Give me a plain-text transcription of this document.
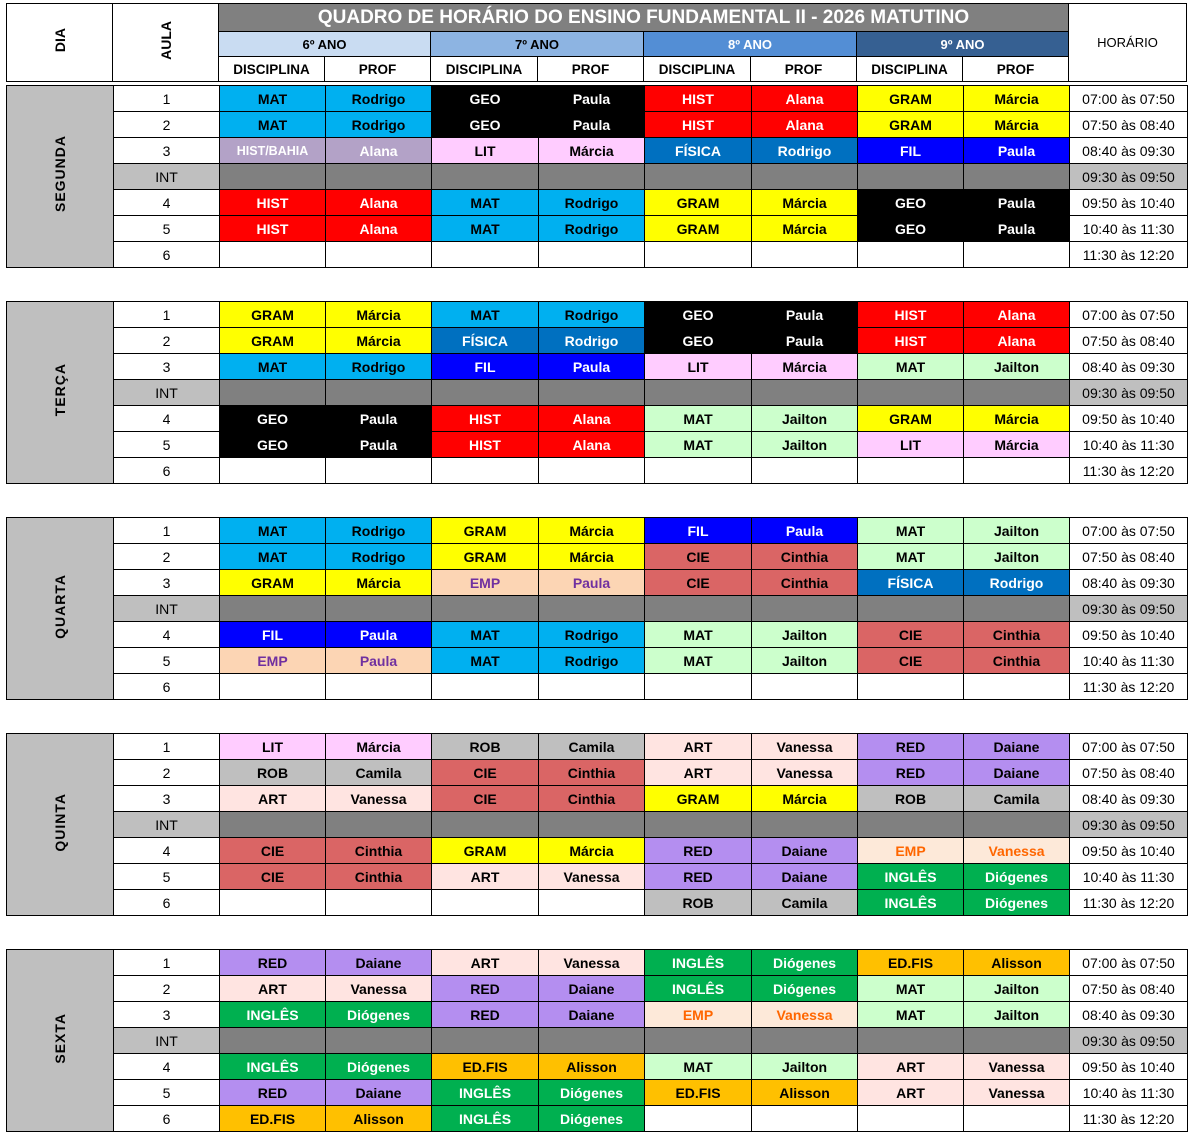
DIA	AULA	QUADRO DE HORÁRIO DO ENSINO FUNDAMENTAL II - 2026 MATUTINO								HORÁRIO
		6º ANO		7º ANO		8º ANO		9º ANO		
		DISCIPLINA	PROF	DISCIPLINA	PROF	DISCIPLINA	PROF	DISCIPLINA	PROF	
SEGUNDA	1	MAT	Rodrigo	GEO	Paula	HIST	Alana	GRAM	Márcia	07:00 às 07:50
	2	MAT	Rodrigo	GEO	Paula	HIST	Alana	GRAM	Márcia	07:50 às 08:40
	3	HIST/BAHIA	Alana	LIT	Márcia	FÍSICA	Rodrigo	FIL	Paula	08:40 às 09:30
	INT									09:30 às 09:50
	4	HIST	Alana	MAT	Rodrigo	GRAM	Márcia	GEO	Paula	09:50 às 10:40
	5	HIST	Alana	MAT	Rodrigo	GRAM	Márcia	GEO	Paula	10:40 às 11:30
	6									11:30 às 12:20
TERÇA	1	GRAM	Márcia	MAT	Rodrigo	GEO	Paula	HIST	Alana	07:00 às 07:50
	2	GRAM	Márcia	FÍSICA	Rodrigo	GEO	Paula	HIST	Alana	07:50 às 08:40
	3	MAT	Rodrigo	FIL	Paula	LIT	Márcia	MAT	Jailton	08:40 às 09:30
	INT									09:30 às 09:50
	4	GEO	Paula	HIST	Alana	MAT	Jailton	GRAM	Márcia	09:50 às 10:40
	5	GEO	Paula	HIST	Alana	MAT	Jailton	LIT	Márcia	10:40 às 11:30
	6									11:30 às 12:20
QUARTA	1	MAT	Rodrigo	GRAM	Márcia	FIL	Paula	MAT	Jailton	07:00 às 07:50
	2	MAT	Rodrigo	GRAM	Márcia	CIE	Cinthia	MAT	Jailton	07:50 às 08:40
	3	GRAM	Márcia	EMP	Paula	CIE	Cinthia	FÍSICA	Rodrigo	08:40 às 09:30
	INT									09:30 às 09:50
	4	FIL	Paula	MAT	Rodrigo	MAT	Jailton	CIE	Cinthia	09:50 às 10:40
	5	EMP	Paula	MAT	Rodrigo	MAT	Jailton	CIE	Cinthia	10:40 às 11:30
	6									11:30 às 12:20
QUINTA	1	LIT	Márcia	ROB	Camila	ART	Vanessa	RED	Daiane	07:00 às 07:50
	2	ROB	Camila	CIE	Cinthia	ART	Vanessa	RED	Daiane	07:50 às 08:40
	3	ART	Vanessa	CIE	Cinthia	GRAM	Márcia	ROB	Camila	08:40 às 09:30
	INT									09:30 às 09:50
	4	CIE	Cinthia	GRAM	Márcia	RED	Daiane	EMP	Vanessa	09:50 às 10:40
	5	CIE	Cinthia	ART	Vanessa	RED	Daiane	INGLÊS	Diógenes	10:40 às 11:30
	6					ROB	Camila	INGLÊS	Diógenes	11:30 às 12:20
SEXTA	1	RED	Daiane	ART	Vanessa	INGLÊS	Diógenes	ED.FIS	Alisson	07:00 às 07:50
	2	ART	Vanessa	RED	Daiane	INGLÊS	Diógenes	MAT	Jailton	07:50 às 08:40
	3	INGLÊS	Diógenes	RED	Daiane	EMP	Vanessa	MAT	Jailton	08:40 às 09:30
	INT									09:30 às 09:50
	4	INGLÊS	Diógenes	ED.FIS	Alisson	MAT	Jailton	ART	Vanessa	09:50 às 10:40
	5	RED	Daiane	INGLÊS	Diógenes	ED.FIS	Alisson	ART	Vanessa	10:40 às 11:30
	6	ED.FIS	Alisson	INGLÊS	Diógenes					11:30 às 12:20
